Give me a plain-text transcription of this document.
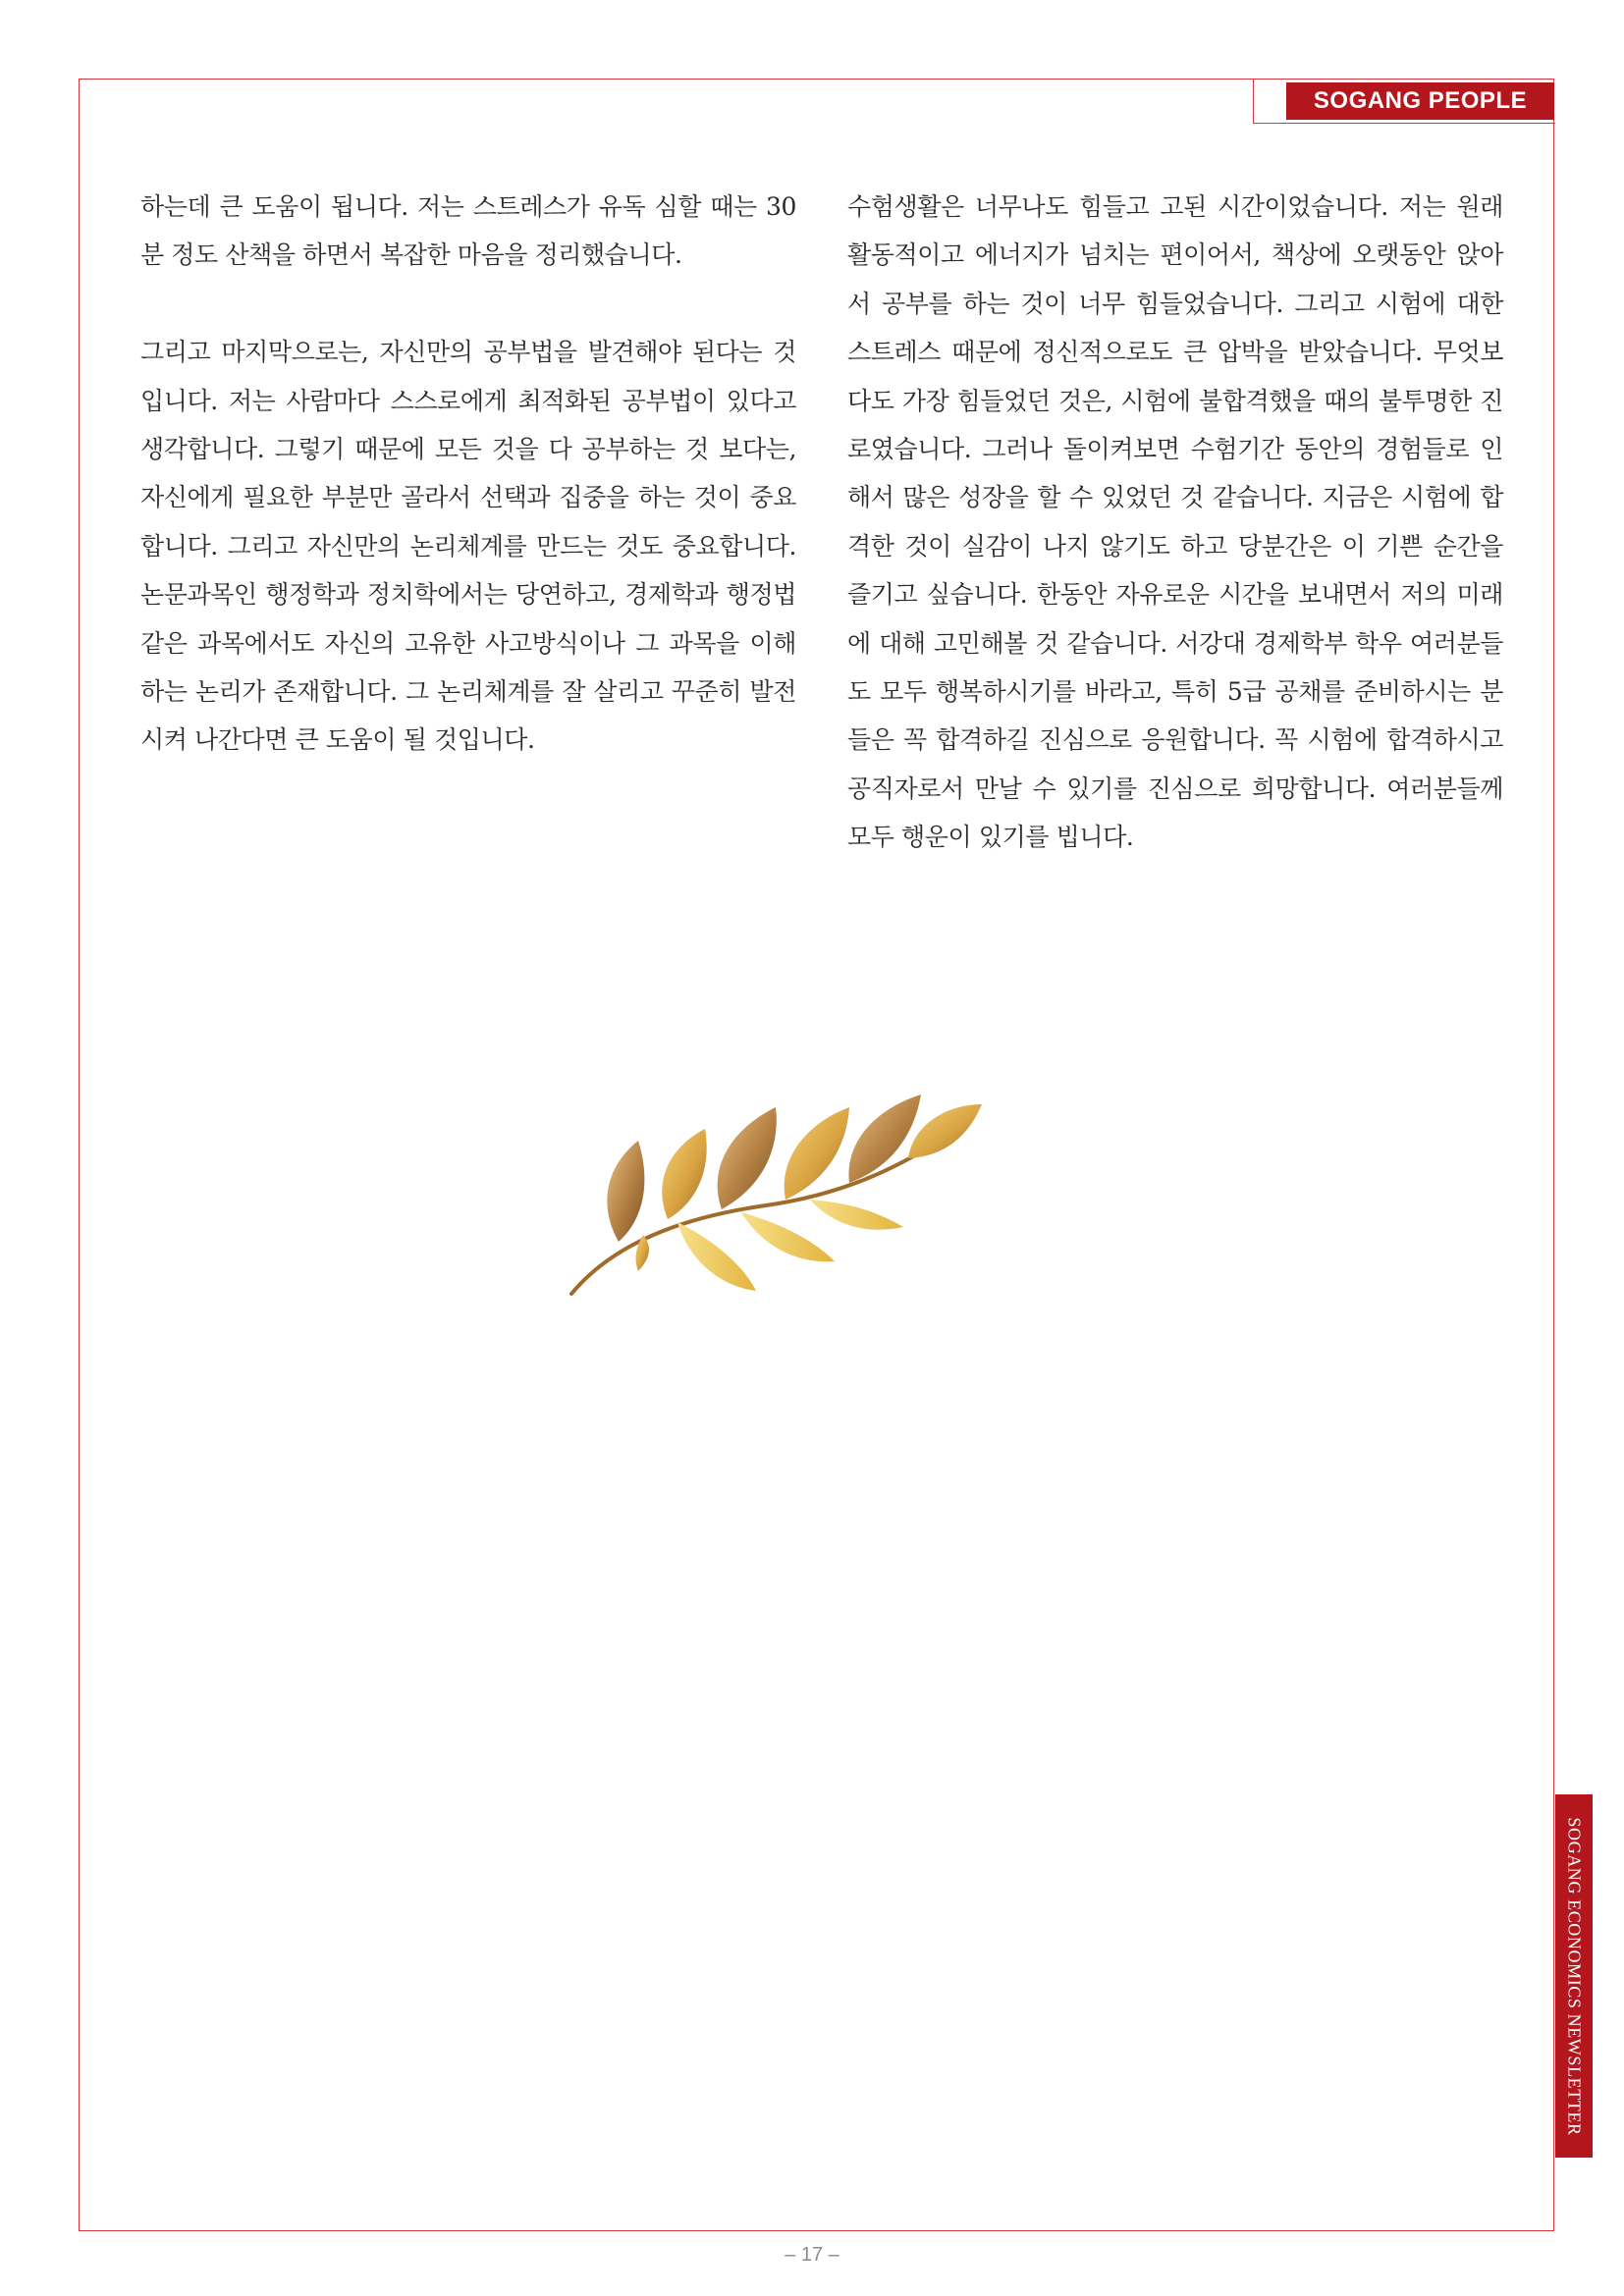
SOGANG PEOPLE

하는데 큰 도움이 됩니다. 저는 스트레스가 유독 심할 때는 30분 정도 산책을 하면서 복잡한 마음을 정리했습니다.

그리고 마지막으로는, 자신만의 공부법을 발견해야 된다는 것입니다. 저는 사람마다 스스로에게 최적화된 공부법이 있다고 생각합니다. 그렇기 때문에 모든 것을 다 공부하는 것 보다는, 자신에게 필요한 부분만 골라서 선택과 집중을 하는 것이 중요합니다. 그리고 자신만의 논리체계를 만드는 것도 중요합니다. 논문과목인 행정학과 정치학에서는 당연하고, 경제학과 행정법 같은 과목에서도 자신의 고유한 사고방식이나 그 과목을 이해하는 논리가 존재합니다. 그 논리체계를 잘 살리고 꾸준히 발전시켜 나간다면 큰 도움이 될 것입니다.

수험생활은 너무나도 힘들고 고된 시간이었습니다. 저는 원래 활동적이고 에너지가 넘치는 편이어서, 책상에 오랫동안 앉아서 공부를 하는 것이 너무 힘들었습니다. 그리고 시험에 대한 스트레스 때문에 정신적으로도 큰 압박을 받았습니다. 무엇보다도 가장 힘들었던 것은, 시험에 불합격했을 때의 불투명한 진로였습니다. 그러나 돌이켜보면 수험기간 동안의 경험들로 인해서 많은 성장을 할 수 있었던 것 같습니다. 지금은 시험에 합격한 것이 실감이 나지 않기도 하고 당분간은 이 기쁜 순간을 즐기고 싶습니다. 한동안 자유로운 시간을 보내면서 저의 미래에 대해 고민해볼 것 같습니다. 서강대 경제학부 학우 여러분들도 모두 행복하시기를 바라고, 특히 5급 공채를 준비하시는 분들은 꼭 합격하길 진심으로 응원합니다. 꼭 시험에 합격하시고 공직자로서 만날 수 있기를 진심으로 희망합니다. 여러분들께 모두 행운이 있기를 빕니다.

SOGANG ECONOMICS NEWSLETTER
– 17 –
